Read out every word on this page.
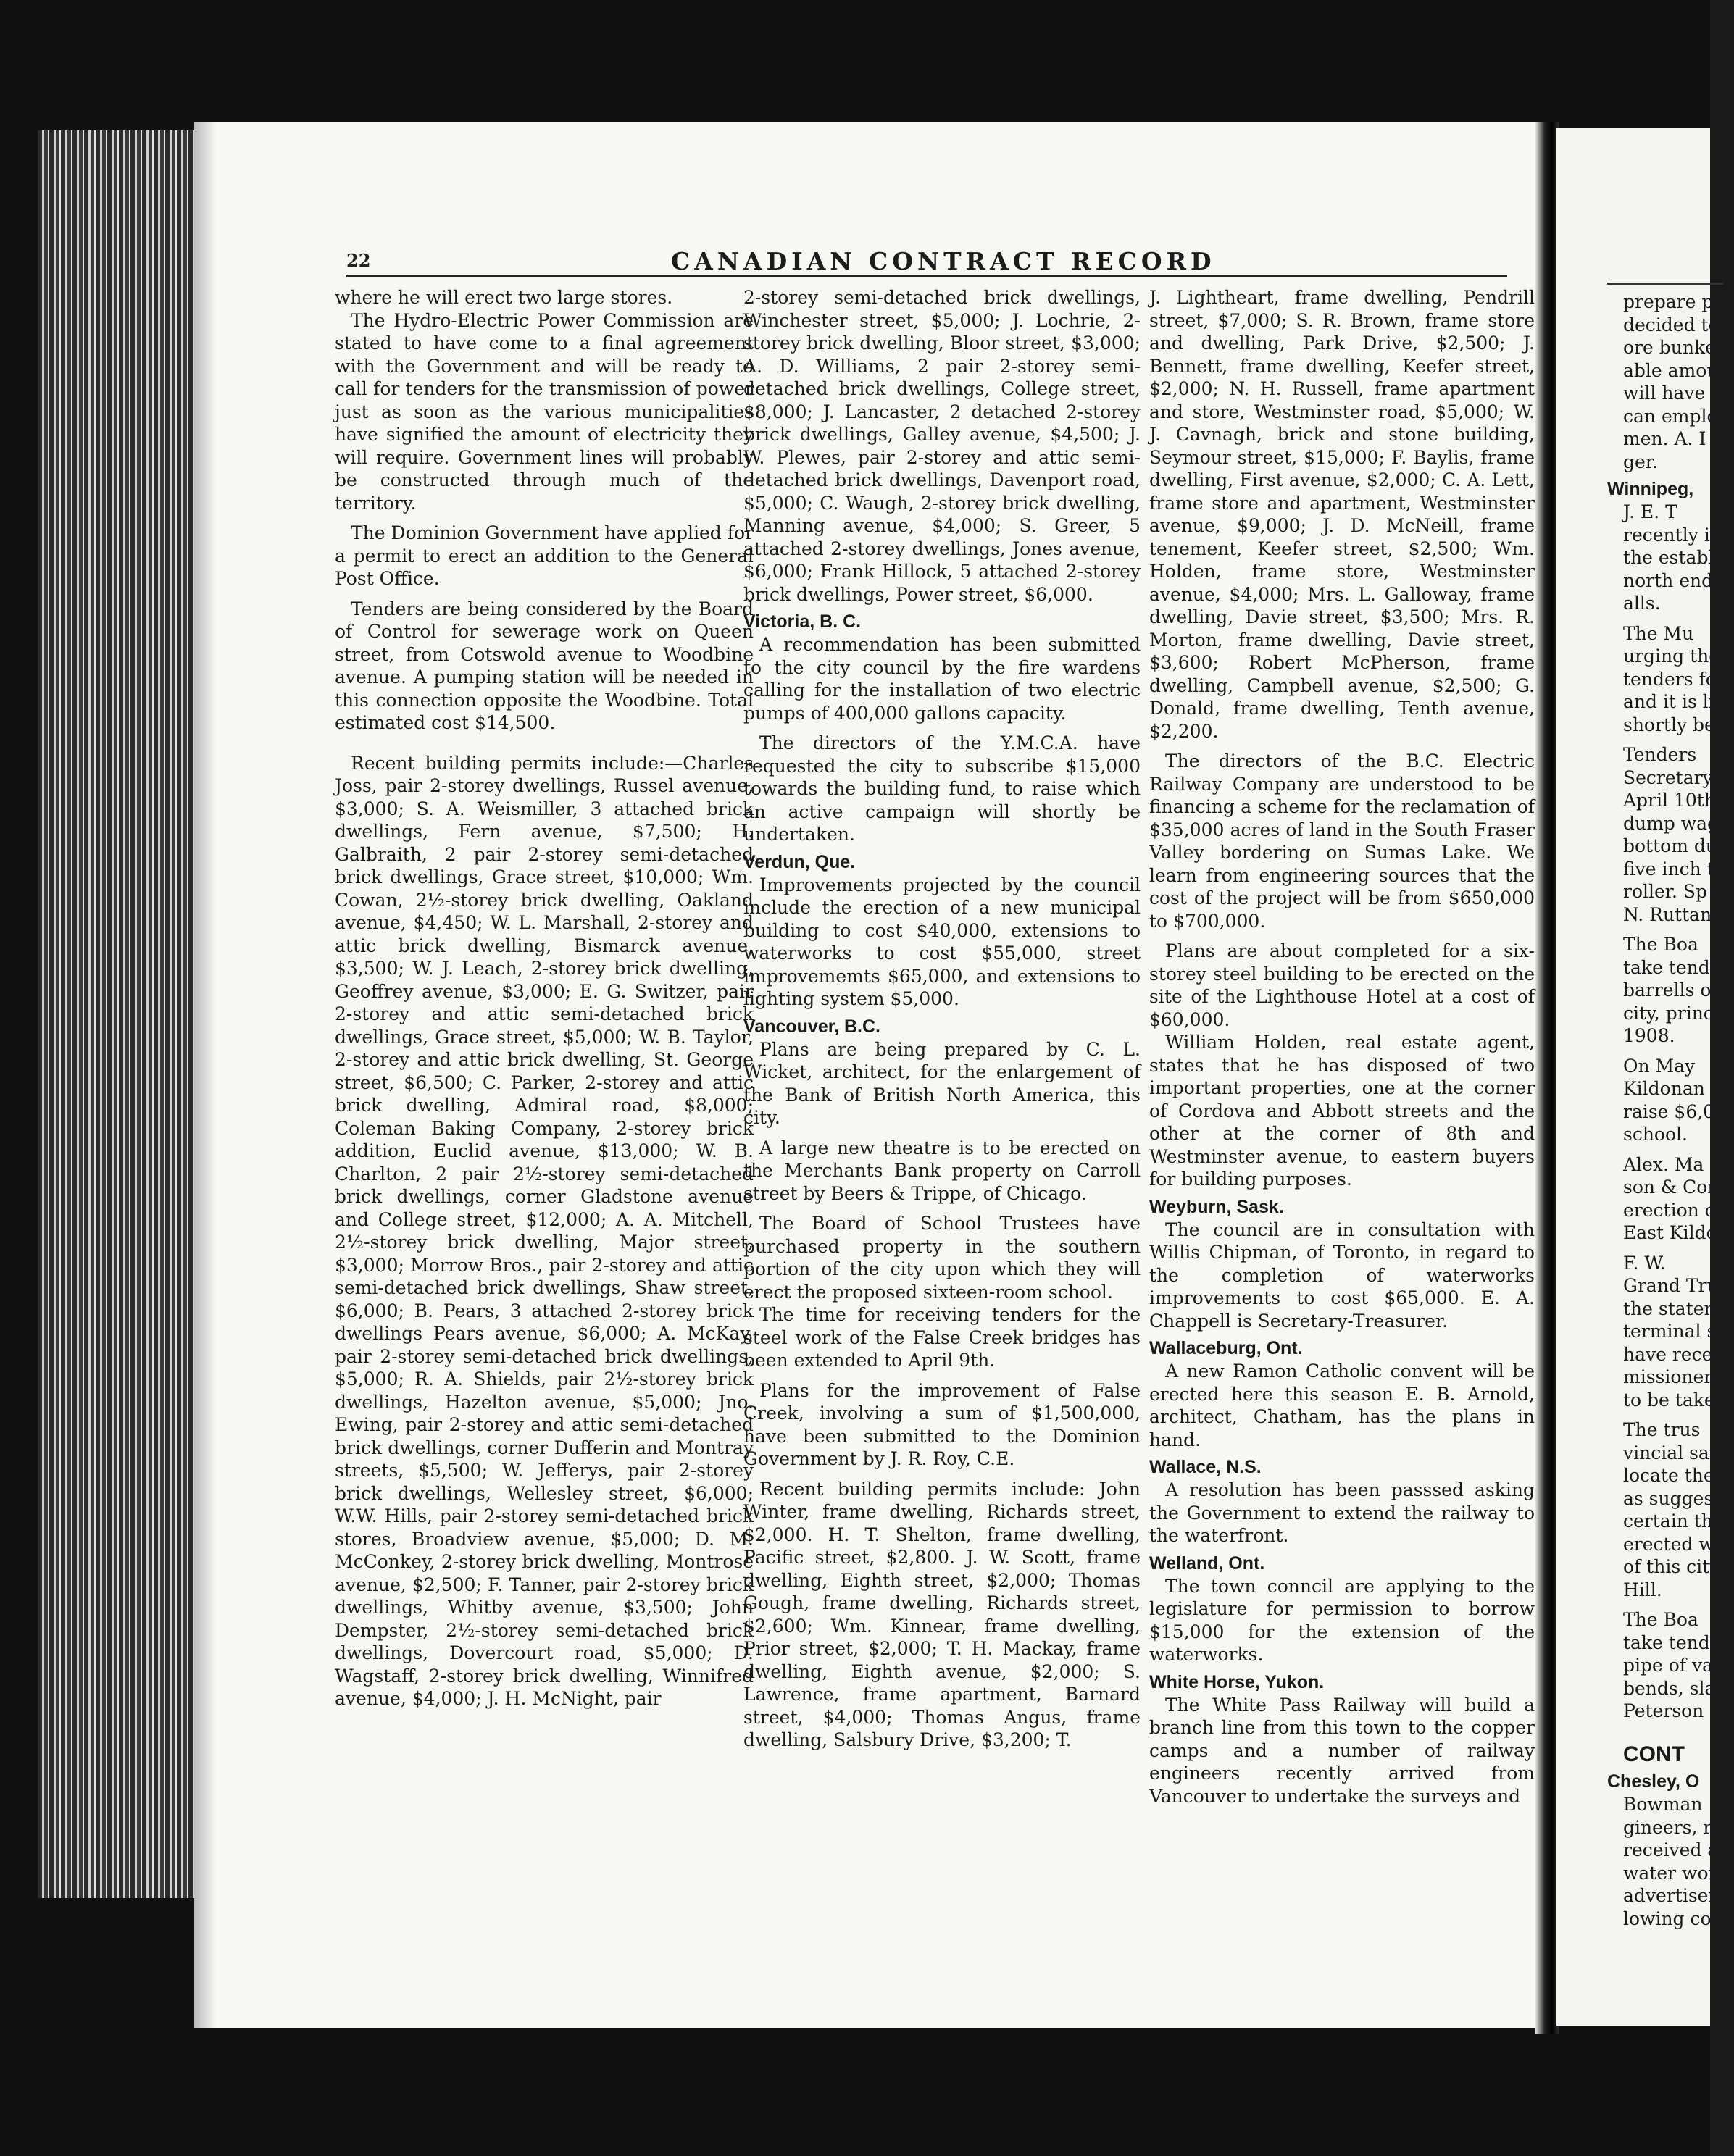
22	CANADIAN CONTRACT RECORD

where he will erect two large stores.

The Hydro-Electric Power Commission are stated to have come to a final agreement with the Government and will be ready to call for tenders for the transmission of power just as soon as the various municipalities have signified the amount of electricity they will require. Government lines will probably be constructed through much of the territory.

The Dominion Government have applied for a permit to erect an addition to the General Post Office.

Tenders are being considered by the Board of Control for sewerage work on Queen street, from Cotswold avenue to Woodbine avenue. A pumping station will be needed in this connection opposite the Woodbine. Total estimated cost $14,500.

Recent building permits include:—Charles Joss, pair 2-storey dwellings, Russel avenue, $3,000; S. A. Weismiller, 3 attached brick dwellings, Fern avenue, $7,500; H. Galbraith, 2 pair 2-storey semi-detached brick dwellings, Grace street, $10,000; Wm. Cowan, 2½-storey brick dwelling, Oakland avenue, $4,450; W. L. Marshall, 2-storey and attic brick dwelling, Bismarck avenue, $3,500; W. J. Leach, 2-storey brick dwelling, Geoffrey avenue, $3,000; E. G. Switzer, pair 2-storey and attic semi-detached brick dwellings, Grace street, $5,000; W. B. Taylor, 2-storey and attic brick dwelling, St. George street, $6,500; C. Parker, 2-storey and attic brick dwelling, Admiral road, $8,000; Coleman Baking Company, 2-storey brick addition, Euclid avenue, $13,000; W. B. Charlton, 2 pair 2½-storey semi-detached brick dwellings, corner Gladstone avenue and College street, $12,000; A. A. Mitchell, 2½-storey brick dwelling, Major street, $3,000; Morrow Bros., pair 2-storey and attic semi-detached brick dwellings, Shaw street, $6,000; B. Pears, 3 attached 2-storey brick dwellings Pears avenue, $6,000; A. McKay, pair 2-storey semi-detached brick dwellings, $5,000; R. A. Shields, pair 2½-storey brick dwellings, Hazelton avenue, $5,000; Jno. Ewing, pair 2-storey and attic semi-detached brick dwellings, corner Dufferin and Montray streets, $5,500; W. Jefferys, pair 2-storey brick dwellings, Wellesley street, $6,000; W.W. Hills, pair 2-storey semi-detached brick stores, Broadview avenue, $5,000; D. M. McConkey, 2-storey brick dwelling, Montrose avenue, $2,500; F. Tanner, pair 2-storey brick dwellings, Whitby avenue, $3,500; John Dempster, 2½-storey semi-detached brick dwellings, Dovercourt road, $5,000; D. Wagstaff, 2-storey brick dwelling, Winnifred avenue, $4,000; J. H. McNight, pair

2-storey semi-detached brick dwellings, Winchester street, $5,000; J. Lochrie, 2-storey brick dwelling, Bloor street, $3,000; A. D. Williams, 2 pair 2-storey semi-detached brick dwellings, College street, $8,000; J. Lancaster, 2 detached 2-storey brick dwellings, Galley avenue, $4,500; J. W. Plewes, pair 2-storey and attic semi-detached brick dwellings, Davenport road, $5,000; C. Waugh, 2-storey brick dwelling, Manning avenue, $4,000; S. Greer, 5 attached 2-storey dwellings, Jones avenue, $6,000; Frank Hillock, 5 attached 2-storey brick dwellings, Power street, $6,000.

Victoria, B. C.

A recommendation has been submitted to the city council by the fire wardens calling for the installation of two electric pumps of 400,000 gallons capacity.

The directors of the Y.M.C.A. have requested the city to subscribe $15,000 towards the building fund, to raise which an active campaign will shortly be undertaken.

Verdun, Que.

Improvements projected by the council include the erection of a new municipal building to cost $40,000, extensions to waterworks to cost $55,000, street improvememts $65,000, and extensions to lighting system $5,000.

Vancouver, B.C.

Plans are being prepared by C. L. Wicket, architect, for the enlargement of the Bank of British North America, this city.

A large new theatre is to be erected on the Merchants Bank property on Carroll street by Beers & Trippe, of Chicago.

The Board of School Trustees have purchased property in the southern portion of the city upon which they will erect the proposed sixteen-room school.

The time for receiving tenders for the steel work of the False Creek bridges has been extended to April 9th.

Plans for the improvement of False Creek, involving a sum of $1,500,000, have been submitted to the Dominion Government by J. R. Roy, C.E.

Recent building permits include: John Winter, frame dwelling, Richards street, $2,000. H. T. Shelton, frame dwelling, Pacific street, $2,800. J. W. Scott, frame dwelling, Eighth street, $2,000; Thomas Gough, frame dwelling, Richards street, $2,600; Wm. Kinnear, frame dwelling, Prior street, $2,000; T. H. Mackay, frame dwelling, Eighth avenue, $2,000; S. Lawrence, frame apartment, Barnard street, $4,000; Thomas Angus, frame dwelling, Salsbury Drive, $3,200; T.

J. Lightheart, frame dwelling, Pendrill street, $7,000; S. R. Brown, frame store and dwelling, Park Drive, $2,500; J. Bennett, frame dwelling, Keefer street, $2,000; N. H. Russell, frame apartment and store, Westminster road, $5,000; W. J. Cavnagh, brick and stone building, Seymour street, $15,000; F. Baylis, frame dwelling, First avenue, $2,000; C. A. Lett, frame store and apartment, Westminster avenue, $9,000; J. D. McNeill, frame tenement, Keefer street, $2,500; Wm. Holden, frame store, Westminster avenue, $4,000; Mrs. L. Galloway, frame dwelling, Davie street, $3,500; Mrs. R. Morton, frame dwelling, Davie street, $3,600; Robert McPherson, frame dwelling, Campbell avenue, $2,500; G. Donald, frame dwelling, Tenth avenue, $2,200.

The directors of the B.C. Electric Railway Company are understood to be financing a scheme for the reclamation of $35,000 acres of land in the South Fraser Valley bordering on Sumas Lake. We learn from engineering sources that the cost of the project will be from $650,000 to $700,000.

Plans are about completed for a six-storey steel building to be erected on the site of the Lighthouse Hotel at a cost of $60,000.

William Holden, real estate agent, states that he has disposed of two important properties, one at the corner of Cordova and Abbott streets and the other at the corner of 8th and Westminster avenue, to eastern buyers for building purposes.

Weyburn, Sask.

The council are in consultation with Willis Chipman, of Toronto, in regard to the completion of waterworks improvements to cost $65,000. E. A. Chappell is Secretary-Treasurer.

Wallaceburg, Ont.

A new Ramon Catholic convent will be erected here this season E. B. Arnold, architect, Chatham, has the plans in hand.

Wallace, N.S.

A resolution has been passsed asking the Government to extend the railway to the waterfront.

Welland, Ont.

The town conncil are applying to the legislature for permission to borrow $15,000 for the extension of the waterworks.

White Horse, Yukon.

The White Pass Railway will build a branch line from this town to the copper camps and a number of railway engineers recently arrived from Vancouver to undertake the surveys and

prepare pl

decided to

ore bunkers

able amou

will have t

can employ

men. A. I

ger.

Winnipeg,

J. E. T

recently in

the establi

north end f

alls.

The Mu

urging the

tenders for

and it is lik

shortly be t

Tenders

Secretary,

April 10th

dump wago

bottom dur

five inch t

roller. Sp

N. Ruttan,

The Boa

take tende

barrells of

city, princi

1908.

On May

Kildonan

raise $6,00

school.

Alex. Ma

son & Com

erection of

East Kildo

F. W.

Grand Tru

the stateme

terminal st

have receiv

missioners

to be taken

The trus

vincial sani

locate thei

as sugges

certain th

erected wit

of this city,

Hill.

The Boa

take tende

pipe of vari

bends, slan

Peterson is

CONT

Chesley, O

Bowman

gineers, re

received a

water work

advertisem

lowing con
